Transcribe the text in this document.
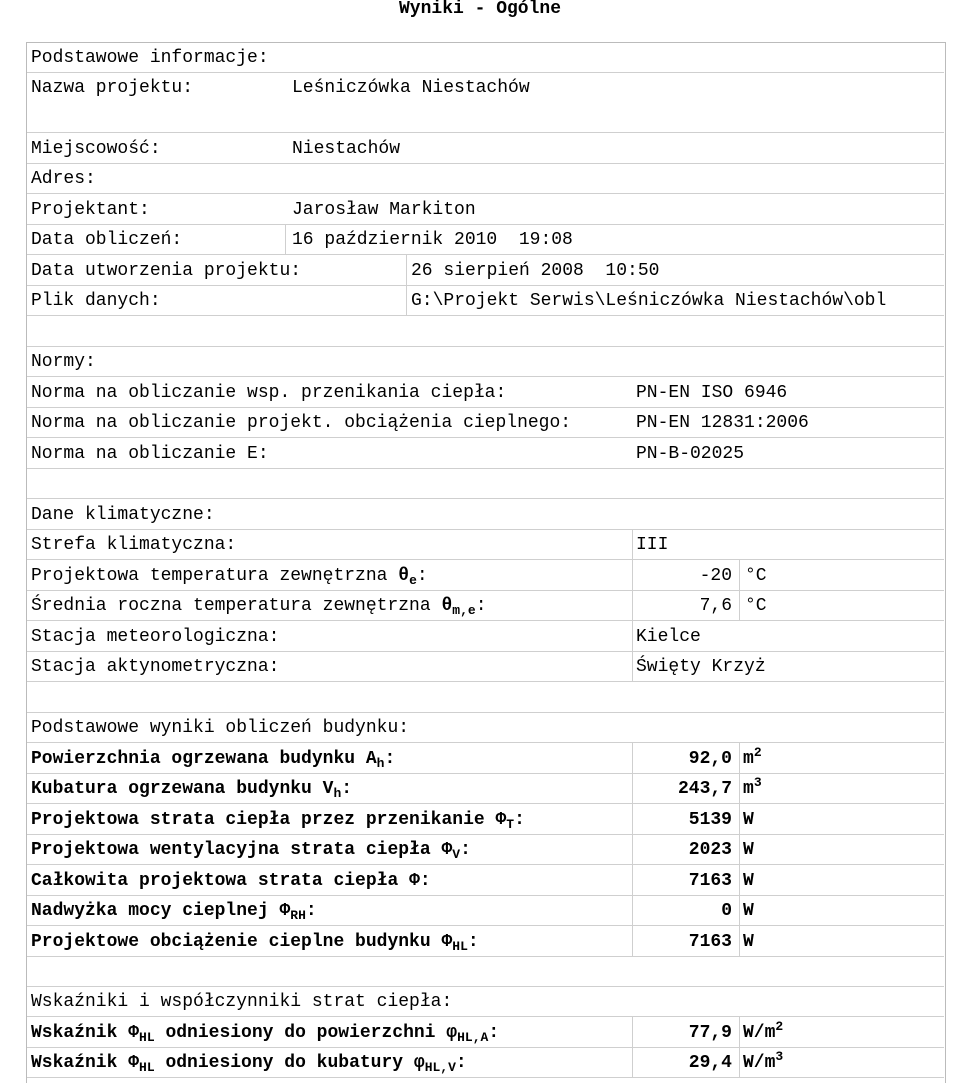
Wyniki - Ogólne
Podstawowe informacje:
Nazwa projektu:	Leśniczówka Niestachów
Miejscowość:	Niestachów
Adres:
Projektant:	Jarosław Markiton
Data obliczeń:	16 październik 2010  19:08
Data utworzenia projektu:	26 sierpień 2008  10:50
Plik danych:	G:\Projekt Serwis\Leśniczówka Niestachów\obl
Normy:
Norma na obliczanie wsp. przenikania ciepła:	PN-EN ISO 6946
Norma na obliczanie projekt. obciążenia cieplnego:	PN-EN 12831:2006
Norma na obliczanie E:	PN-B-02025
Dane klimatyczne:
Strefa klimatyczna:	III
Projektowa temperatura zewnętrzna $\theta_e$:	-20 °C
Średnia roczna temperatura zewnętrzna $\theta_{m,e}$:	7,6 °C
Stacja meteorologiczna:	Kielce
Stacja aktynometryczna:	Święty Krzyż
Podstawowe wyniki obliczeń budynku:
Powierzchnia ogrzewana budynku $A_h$:	92,0 $m^2$
Kubatura ogrzewana budynku $V_h$:	243,7 $m^3$
Projektowa strata ciepła przez przenikanie $\Phi_T$:	5139 W
Projektowa wentylacyjna strata ciepła $\Phi_V$:	2023 W
Całkowita projektowa strata ciepła Φ:	7163 W
Nadwyżka mocy cieplnej $\Phi_{RH}$:	0 W
Projektowe obciążenie cieplne budynku $\Phi_{HL}$:	7163 W
Wskaźniki i współczynniki strat ciepła:
Wskaźnik $\Phi_{HL}$ odniesiony do powierzchni $\varphi_{HL,A}$:	77,9 $W/m^2$
Wskaźnik $\Phi_{HL}$ odniesiony do kubatury $\varphi_{HL,V}$:	29,4 $W/m^3$
